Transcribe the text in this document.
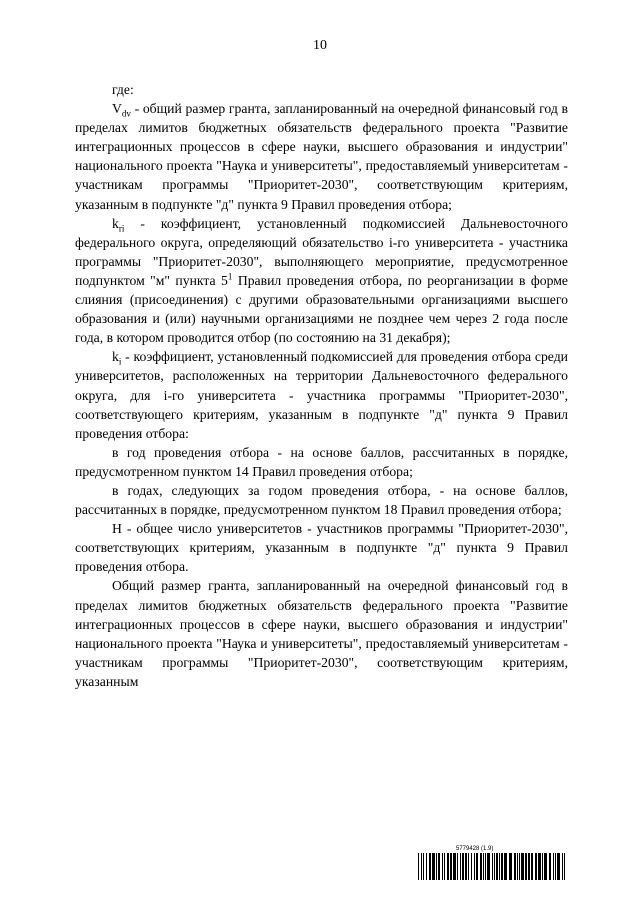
10

где:

$V_{dv}$ - общий размер гранта, запланированный на очередной финансовый год в пределах лимитов бюджетных обязательств федерального проекта "Развитие интеграционных процессов в сфере науки, высшего образования и индустрии" национального проекта "Наука и университеты", предоставляемый университетам - участникам программы "Приоритет-2030", соответствующим критериям, указанным в подпункте "д" пункта 9 Правил проведения отбора;

$k_{ri}$ - коэффициент, установленный подкомиссией Дальневосточного федерального округа, определяющий обязательство i-го университета - участника программы "Приоритет-2030", выполняющего мероприятие, предусмотренное подпунктом "м" пункта $5^1$ Правил проведения отбора, по реорганизации в форме слияния (присоединения) с другими образовательными организациями высшего образования и (или) научными организациями не позднее чем через 2 года после года, в котором проводится отбор (по состоянию на 31 декабря);

$k_i$ - коэффициент, установленный подкомиссией для проведения отбора среди университетов, расположенных на территории Дальневосточного федерального округа, для i-го университета - участника программы "Приоритет-2030", соответствующего критериям, указанным в подпункте "д" пункта 9 Правил проведения отбора:

в год проведения отбора - на основе баллов, рассчитанных в порядке, предусмотренном пунктом 14 Правил проведения отбора;

в годах, следующих за годом проведения отбора, - на основе баллов, рассчитанных в порядке, предусмотренном пунктом 18 Правил проведения отбора;

Н - общее число университетов - участников программы "Приоритет-2030", соответствующих критериям, указанным в подпункте "д" пункта 9 Правил проведения отбора.

Общий размер гранта, запланированный на очередной финансовый год в пределах лимитов бюджетных обязательств федерального проекта "Развитие интеграционных процессов в сфере науки, высшего образования и индустрии" национального проекта "Наука и университеты", предоставляемый университетам - участникам программы "Приоритет-2030", соответствующим критериям, указанным

5779428 (1.9)
